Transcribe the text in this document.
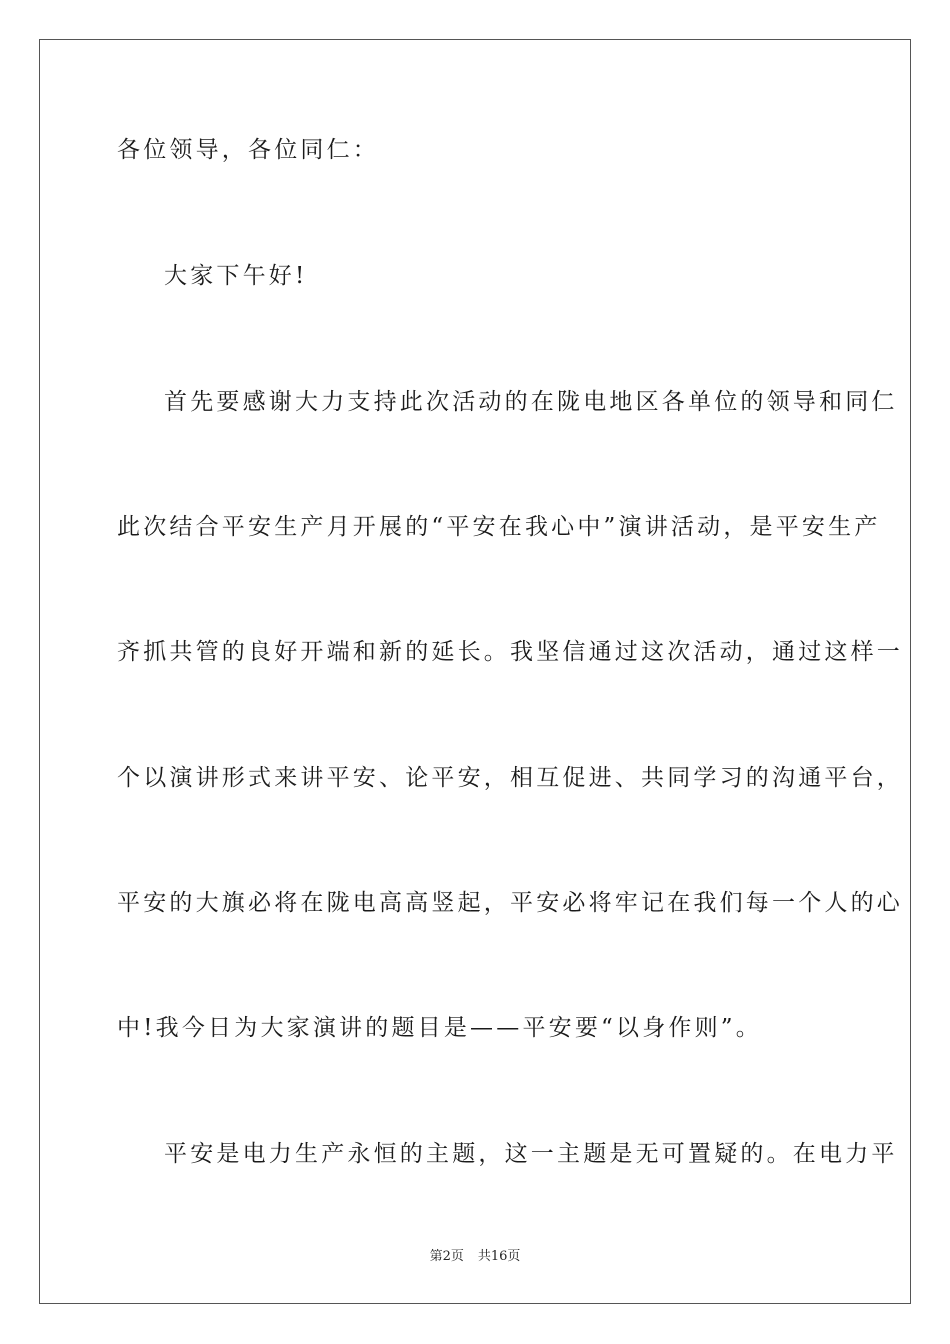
各位领导，各位同仁：
大家下午好!
首先要感谢大力支持此次活动的在陇电地区各单位的领导和同仁
此次结合平安生产月开展的“平安在我心中”演讲活动，是平安生产
齐抓共管的良好开端和新的延长。我坚信通过这次活动，通过这样一
个以演讲形式来讲平安、论平安，相互促进、共同学习的沟通平台，
平安的大旗必将在陇电高高竖起，平安必将牢记在我们每一个人的心
中!我今日为大家演讲的题目是——平安要“以身作则”。
平安是电力生产永恒的主题，这一主题是无可置疑的。在电力平
第2页 共16页
